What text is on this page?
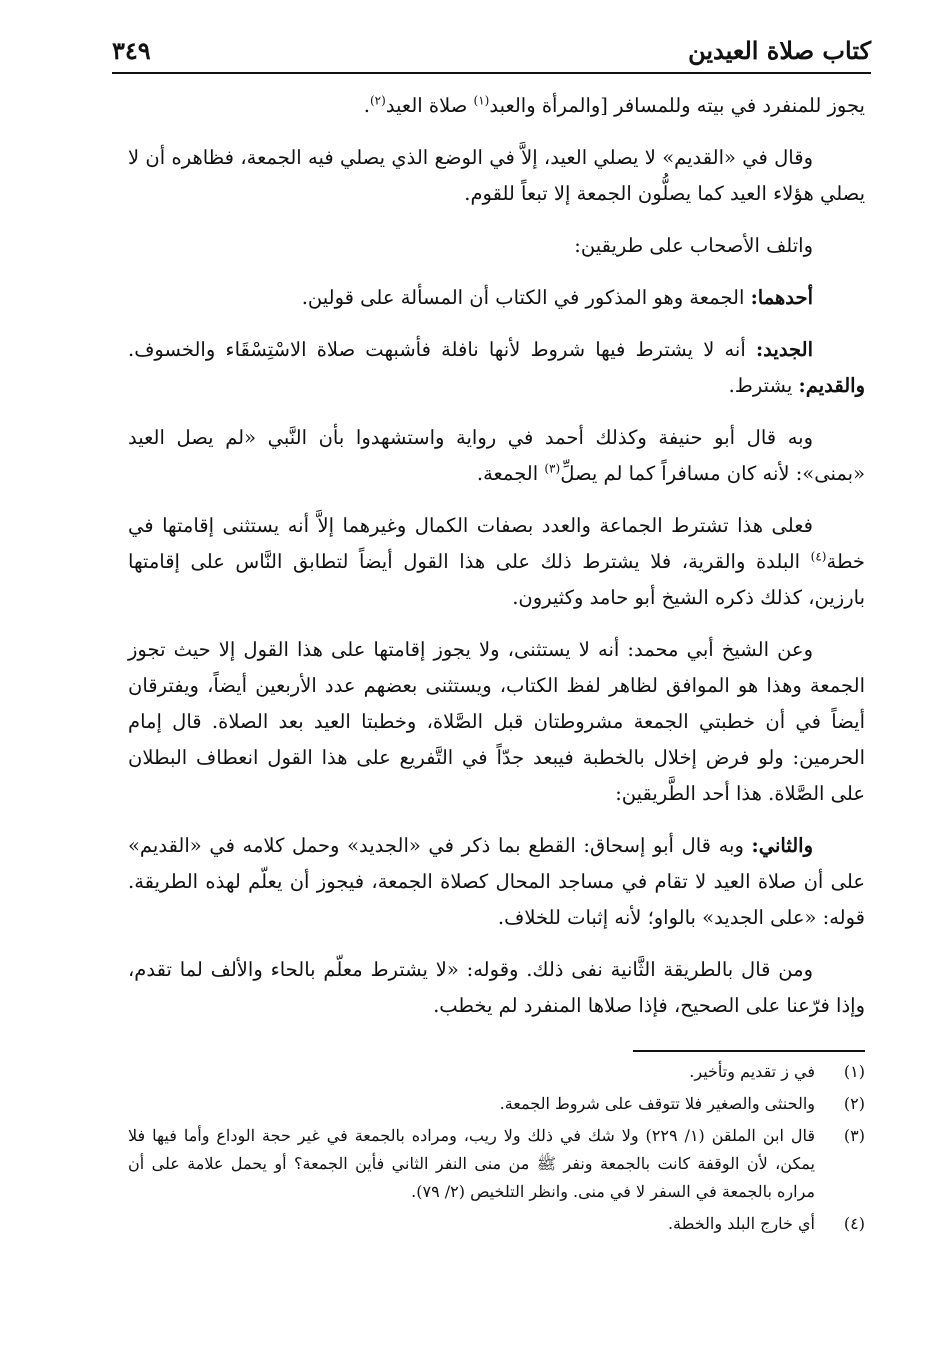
كتاب صلاة العيدين
٣٤٩

يجوز للمنفرد في بيته وللمسافر [والمرأة والعبد$^{(١)}$ صلاة العيد$^{(٢)}$.

وقال في «القديم» لا يصلي العيد، إلاَّ في الوضع الذي يصلي فيه الجمعة، فظاهره أن لا يصلي هؤلاء العيد كما يصلُّون الجمعة إلا تبعاً للقوم.

واتلف الأصحاب على طريقين:

أحدهما: الجمعة وهو المذكور في الكتاب أن المسألة على قولين.

الجديد: أنه لا يشترط فيها شروط لأنها نافلة فأشبهت صلاة الاسْتِسْقَاء والخسوف. والقديم: يشترط.

وبه قال أبو حنيفة وكذلك أحمد في رواية واستشهدوا بأن النَّبي «لم يصل العيد «بمنى»: لأنه كان مسافراً كما لم يصلِّ$^{(٣)}$ الجمعة.

فعلى هذا تشترط الجماعة والعدد بصفات الكمال وغيرهما إلاَّ أنه يستثنى إقامتها في خطة$^{(٤)}$ البلدة والقرية، فلا يشترط ذلك على هذا القول أيضاً لتطابق النَّاس على إقامتها بارزين، كذلك ذكره الشيخ أبو حامد وكثيرون.

وعن الشيخ أبي محمد: أنه لا يستثنى، ولا يجوز إقامتها على هذا القول إلا حيث تجوز الجمعة وهذا هو الموافق لظاهر لفظ الكتاب، ويستثنى بعضهم عدد الأربعين أيضاً، ويفترقان أيضاً في أن خطبتي الجمعة مشروطتان قبل الصَّلاة، وخطبتا العيد بعد الصلاة. قال إمام الحرمين: ولو فرض إخلال بالخطبة فيبعد جدّاً في التَّفريع على هذا القول انعطاف البطلان على الصَّلاة. هذا أحد الطَّريقين:

والثاني: وبه قال أبو إسحاق: القطع بما ذكر في «الجديد» وحمل كلامه في «القديم» على أن صلاة العيد لا تقام في مساجد المحال كصلاة الجمعة، فيجوز أن يعلّم لهذه الطريقة. قوله: «على الجديد» بالواو؛ لأنه إثبات للخلاف.

ومن قال بالطريقة الثَّانية نفى ذلك. وقوله: «لا يشترط معلّم بالحاء والألف لما تقدم، وإذا فرّعنا على الصحيح، فإذا صلاها المنفرد لم يخطب.

(١)
في ز تقديم وتأخير.
(٢)
والحنثى والصغير فلا تتوقف على شروط الجمعة.
(٣)
قال ابن الملقن (١/ ٢٢٩) ولا شك في ذلك ولا ريب، ومراده بالجمعة في غير حجة الوداع وأما فيها فلا يمكن، لأن الوقفة كانت بالجمعة ونفر ﷺ من منى النفر الثاني فأين الجمعة؟ أو يحمل علامة على أن مراره بالجمعة في السفر لا في منى. وانظر التلخيص (٢/ ٧٩).
(٤)
أي خارج البلد والخطة.
